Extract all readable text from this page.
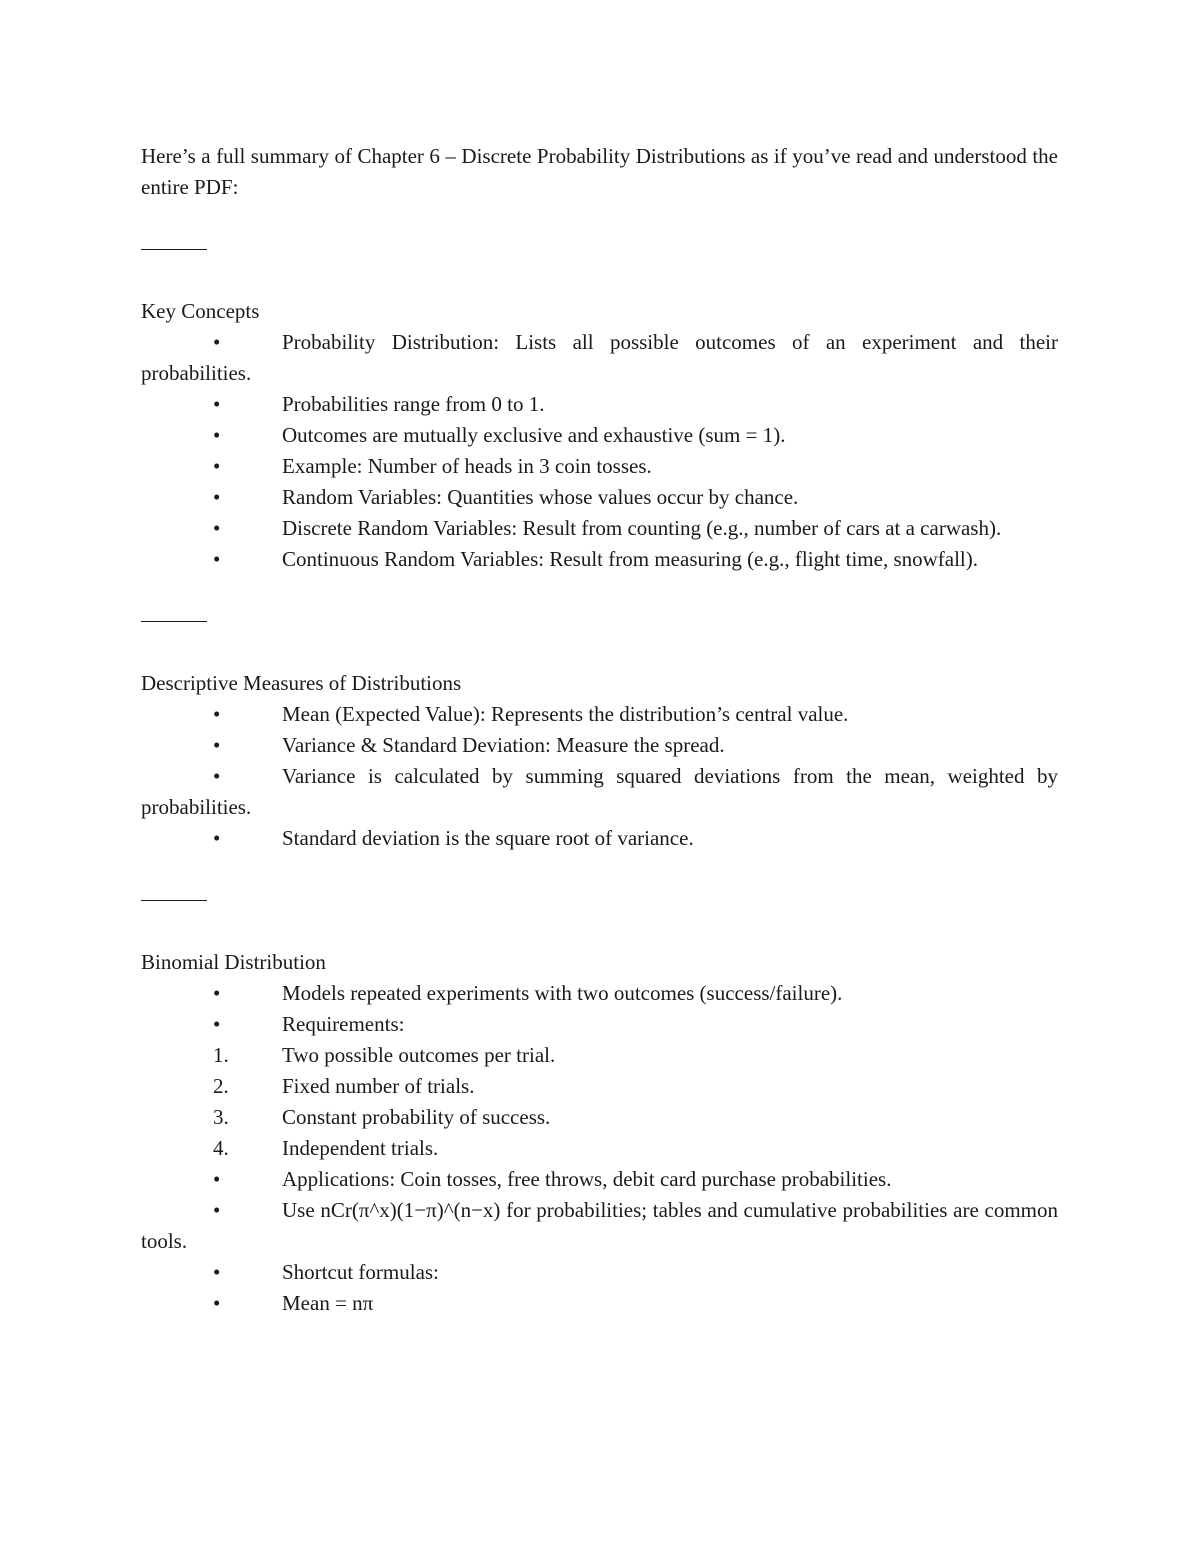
Here’s a full summary of Chapter 6 – Discrete Probability Distributions as if you’ve read and understood the entire PDF:

Key Concepts

•	Probability Distribution: Lists all possible outcomes of an experiment and their probabilities.
•	Probabilities range from 0 to 1.
•	Outcomes are mutually exclusive and exhaustive (sum = 1).
•	Example: Number of heads in 3 coin tosses.
•	Random Variables: Quantities whose values occur by chance.
•	Discrete Random Variables: Result from counting (e.g., number of cars at a carwash).
•	Continuous Random Variables: Result from measuring (e.g., flight time, snowfall).

Descriptive Measures of Distributions

•	Mean (Expected Value): Represents the distribution’s central value.
•	Variance & Standard Deviation: Measure the spread.
•	Variance is calculated by summing squared deviations from the mean, weighted by probabilities.
•	Standard deviation is the square root of variance.

Binomial Distribution

•	Models repeated experiments with two outcomes (success/failure).
•	Requirements:
1.	Two possible outcomes per trial.
2.	Fixed number of trials.
3.	Constant probability of success.
4.	Independent trials.
•	Applications: Coin tosses, free throws, debit card purchase probabilities.
•	Use nCr(π^x)(1−π)^(n−x) for probabilities; tables and cumulative probabilities are common tools.
•	Shortcut formulas:
•	Mean = nπ
